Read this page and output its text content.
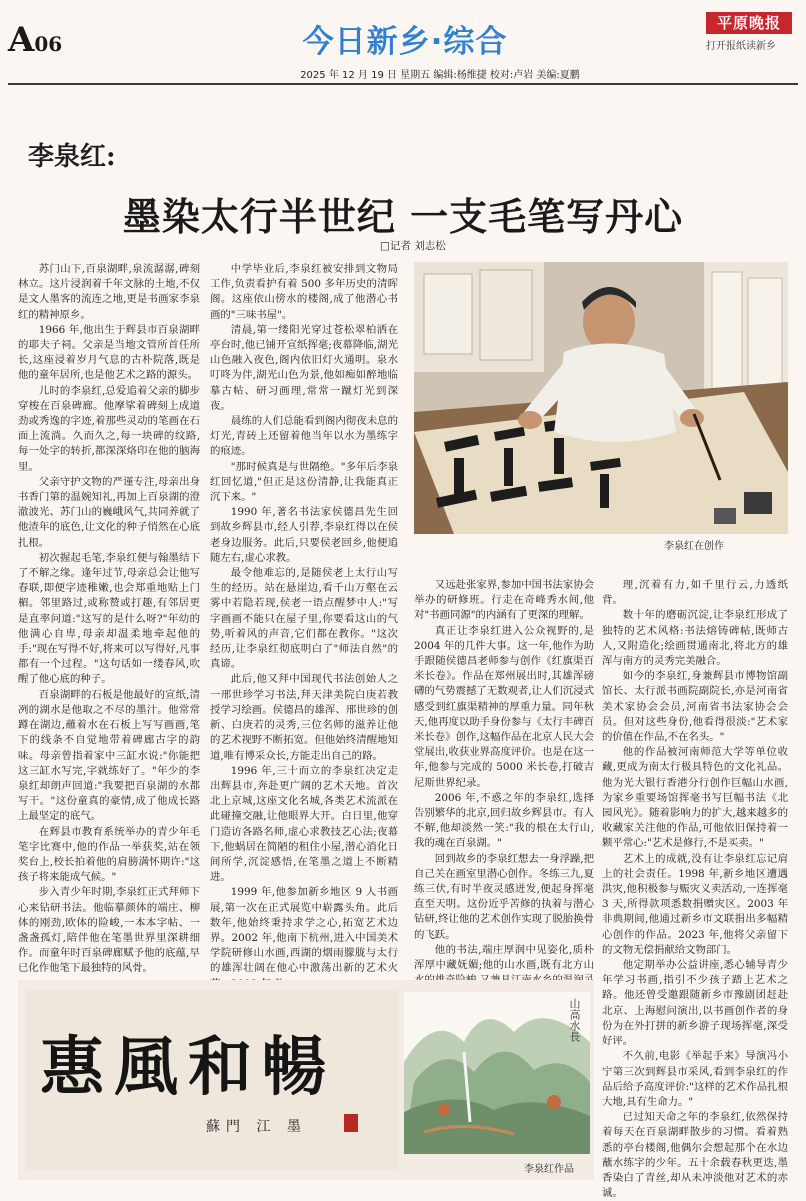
A06	今日新乡·综合
平原晚报
打开报纸读新乡
2025 年 12 月 19 日 星期五 编辑:杨维捷 校对:卢岩 美编:夏鹏
李泉红:
墨染太行半世纪 一支毛笔写丹心
□记者 刘志松

苏门山下,百泉湖畔,泉流潺潺,碑刻林立。这片浸润着千年文脉的土地,不仅是文人墨客的流连之地,更是书画家李泉红的精神原乡。

1966 年,他出生于辉县市百泉湖畔的耶夫子祠。父亲是当地文管所首任所长,这座浸着岁月气息的古朴院落,既是他的童年居所,也是他艺术之路的源头。

儿时的李泉红,总爱追着父亲的脚步穿梭在百泉碑廊。他摩挲着碑刻上成道劲或秀逸的字迹,着那些灵动的笔画在石面上流淌。久而久之,每一块碑的纹路,每一处字的转折,都深深烙印在他的脑海里。

父亲守护文物的严谨专注,母亲出身书香门第的温婉知礼,再加上百泉湖的澄澈波光、苏门山的巍峨风气,共同养就了他渣年的底色,让文化的种子悄然在心底扎根。

初次握起毛笔,李泉红便与翰墨结下了不解之缘。逢年过节,母亲总会让他写春联,即便字迹稚嫩,也会郑重地贴上门楣。邻里路过,或称赞或打趣,有邻居更是直率问道:"这写的是什么呀?"年幼的他满心自卑,母亲却温柔地牵起他的手:"现在写得不好,将来可以写得好,凡事都有一个过程。"这句话如一缕春风,吹醒了他心底的种子。

百泉湖畔的石板是他最好的宣纸,清冽的湖水是他取之不尽的墨汁。他常常蹲在湖边,蘸着水在石板上写写画画,笔下的线条不自觉地带着碑廊古字的韵味。母亲曾指着家中三缸水说:"你能把这三缸水写完,字就练好了。"年少的李泉红却朗声回道:"我要把百泉湖的水都写干。"这份童真的豪情,成了他成长路上最坚定的底气。

在辉县市教育系统举办的青少年毛笔字比赛中,他的作品一举获奖,站在领奖台上,校长拍着他的肩膀满怀期许:"这孩子将来能成气候。"

步入青少年时期,李泉红正式拜师下心来钻研书法。他临摹颜体的端庄、柳体的刚劲,欧体的险峻,一本本字帖、一盏盏孤灯,陪伴他在笔墨世界里深耕细作。而童年时百泉碑廊赋予他的底蕴,早已化作他笔下最独特的风骨。

中学毕业后,李泉红被安排到文物局工作,负责看护有着 500 多年历史的清晖阁。这座依山傍水的楼阁,成了他潜心书画的"三味书屋"。

清晨,第一缕阳光穿过苍松翠柏洒在亭台时,他已铺开宣纸挥毫;夜幕降临,湖光山色融入夜色,阁内依旧灯火通明。泉水叮咚为伴,湖光山色为景,他如痴如醉地临摹古帖、研习画理,常常一蹴灯光到深夜。

晨练的人们总能看到阁内彻夜未息的灯光,青砖上还留着他当年以水为墨练字的痕迹。

"那时候真是与世隔绝。"多年后李泉红回忆道,"但正是这份清静,让我能真正沉下来。"

1990 年,著名书法家侯德昌先生回到故乡辉县市,经人引荐,李泉红得以在侯老身边服务。此后,只要侯老回乡,他便追随左右,虚心求教。

最令他难忘的,是随侯老上太行山写生的经历。站在悬崖边,看千山万壑在云雾中若隐若现,侯老一语点醒梦中人:"写字画画不能只在屋子里,你要看这山的气势,听着风的声音,它们都在教你。"这次经历,让李泉红彻底明白了"师法自然"的真谛。

此后,他又拜中国现代书法创始人之一邢世珍学习书法,拜天津美院白庚若教授学习绘画。侯德昌的雄浑、邢世珍的创新、白庚若的灵秀,三位名师的滋养让他的艺术视野不断拓宽。但他始终清醒地知道,唯有博采众长,方能走出自己的路。

1996 年,三十而立的李泉红决定走出辉县市,奔赴更广阔的艺术天地。首次北上京城,这座文化名城,各类艺术流派在此碰撞交融,让他眼界大开。白日里,他穿门造访各路名师,虚心求教技艺心法;夜幕下,他蜗居在简陋的租住小屋,潜心消化日间所学,沉淀感悟,在笔墨之道上不断精进。

1999 年,他参加新乡地区 9 人书画展,第一次在正式展览中崭露头角。此后数年,他始终秉持求学之心,拓宽艺术边界。2002 年,他南下杭州,进入中国美术学院研修山水画,西湖的烟雨朦胧与太行的雄浑壮阔在他心中激荡出新的艺术火

又远赴张家界,参加中国书法家协会举办的研修班。行走在奇峰秀水间,他对"书画同源"的内涵有了更深的理解。

真正让李泉红进入公众视野的,是 2004 年的几件大事。这一年,他作为助手跟随侯德昌老师参与创作《红旗渠百米长卷》。作品在郑州展出时,其雄浑磅礴的气势震撼了无数观者,让人们沉浸式感受到红旗渠精神的厚重力量。同年秋天,他再度以助手身份参与《太行丰碑百米长卷》创作,这幅作品在北京人民大会堂展出,收获业界高度评价。也是在这一年,他参与完成的 5000 米长卷,打破吉尼斯世界纪录。

2006 年,不惑之年的李泉红,选择告别繁华的北京,回归故乡辉县市。有人不解,他却淡然一笑:"我的根在太行山,我的魂在百泉湖。"

回到故乡的李泉红想去一身浮躁,把自己关在画室里潜心创作。冬练三九,夏练三伏,有时半夜灵感迸发,便起身挥毫直至天明。这份近乎苦修的执着与潜心钻研,终让他的艺术创作实现了脱胎换骨的飞跃。

他的书法,端庄厚润中见姿化,质朴浑厚中藏妩媚;他的山水画,既有北方山

理,沉着有力,如千里行云,力透纸背。

数十年的磨砺沉淀,让李泉红形成了独特的艺术风格:书法熔铸碑帖,既师古人,又附造化;绘画贯通南北,将北方的雄浑与南方的灵秀完美融合。

如今的李泉红,身兼辉县市博物馆副馆长、太行派书画院副院长,亦是河南省美术家协会会员,河南省书法家协会会员。但对这些身份,他看得很淡:"艺术家的价值在作品,不在名头。"

他的作品被河南师范大学等单位收藏,更成为南太行极具特色的文化礼品。他为光大银行香港分行创作巨幅山水画,为家乡重要场馆挥毫书写巨幅书法《北园风光》。随着影响力的扩大,越来越多的收藏家关注他的作品,可他依旧保持着一颗平常心:"艺术是修行,不是买卖。"

艺术上的成就,没有让李泉红忘记肩上的社会责任。1998 年,新乡地区遭遇洪灾,他积极参与赈灾义卖活动,一连挥毫 3 天,所得款项悉数捐赠灾区。2003 年非典期间,他通过新乡市文联捐出多幅精心创作的作品。2023 年,他将父亲留下的文物无偿捐献给文物部门。

他定期举办公益讲座,悉心辅导青少年学习书画,指引不少孩子踏上艺术之路。他还曾受邀跟随新乡市豫剧团赶赴北京、上海慰问演出,以书画创作者的身份为在外打拼的新乡游子现场挥毫,深受好评。

不久前,电影《举起手来》导演冯小宁第三次到辉县市采风,看到李泉红的作品后给予高度评价:"这样的艺术作品扎根大地,具有生命力。"

已过知天命之年的李泉红,依然保持着每天在百泉湖畔散步的习惯。看着熟悉的亭台楼阁,他偶尔会想起那个在水边蘸水练字的少年。五十余载春秋更迭,墨香染白了青丝,却从未冲淡他对艺术的赤诚。

李泉红在创作
惠風和暢
蘇門 江 墨
山高水長
李泉红作品
